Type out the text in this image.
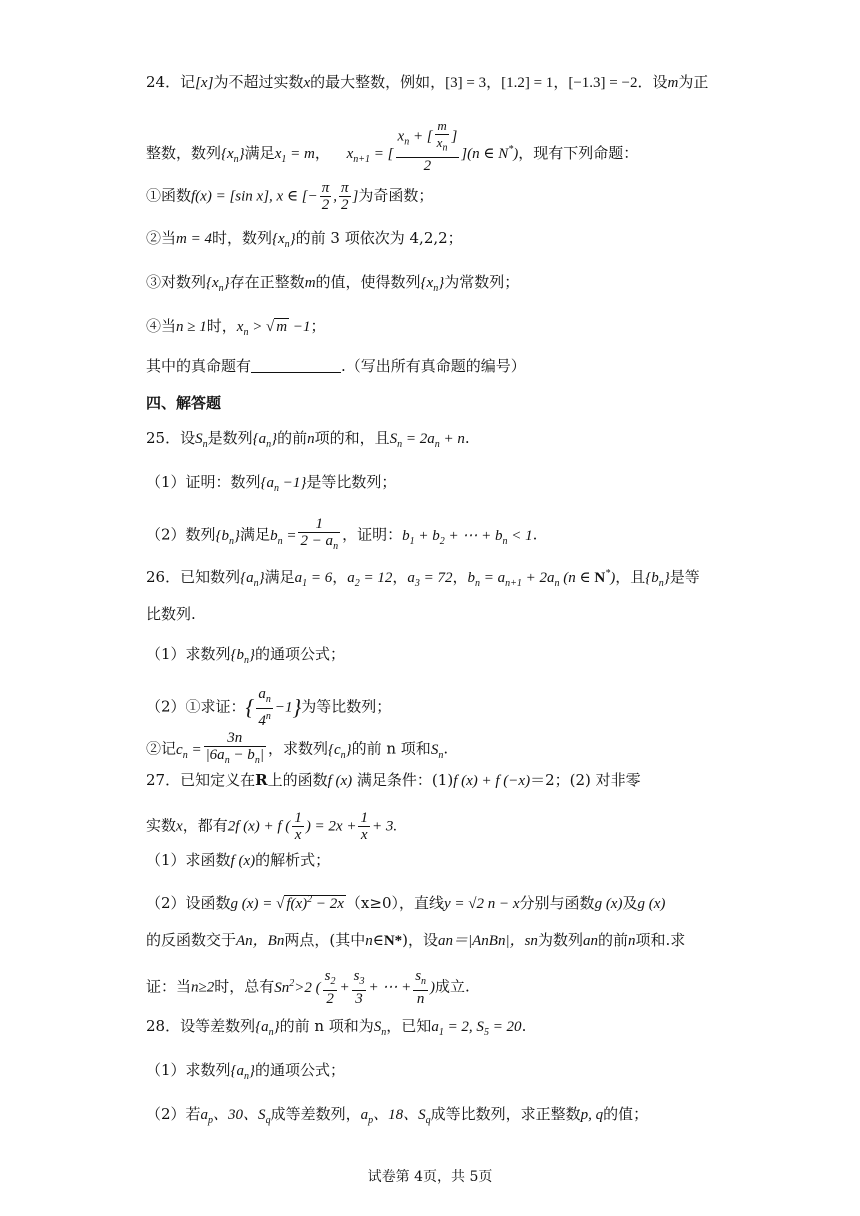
24．记[x]为不超过实数x的最大整数，例如，[3] = 3，[1.2] = 1，[−1.3] = −2．设m为正
整数，数列$\{x_n\}$满足$x_1 = m$， $x_{n+1}$ = [ $\frac{x_n + [ \frac{m}{x_n} ]}{2} ](n$ ∈ N*)，现有下列命题：
①函数f(x) = [sin x], x ∈ [− $\frac{\pi}{2}$ , $\frac{\pi}{2}$ ]为奇函数；
②当m = 4时，数列$\{x_n\}$的前 3 项依次为 4,2,2；
③对数列$\{x_n\}$存在正整数m的值，使得数列$\{x_n\}$为常数列；
④当n ≥ 1时，$x_n$ > √ m −1；
其中的真命题有	.（写出所有真命题的编号）
四、解答题
25．设$S_n$是数列$\{a_n\}$的前n项的和，且$S_n = 2a_n + n$.
（1）证明：数列$\{a_n -1\}$是等比数列；
（2）数列$\{b_n\}$满足$b_n = \frac{1}{2 - a_n}$ ，证明：$b_1 + b_2$ + ⋯ + $b_n < 1$.
26．已知数列$\{a_n\}$满足$a_1 = 6$，$a_2 = 12$，$a_3 = 72$，$b_n = a_{n+1} + 2a_n$ (n ∈ N*)，且$\{b_n\}$是等
比数列.
（1）求数列$\{b_n\}$的通项公式；
（2）①求证：{ $\frac{a_n}{4^n} -1$}为等比数列；
②记$c_n = \frac{3n}{|6a_n - b_n|}$ ，求数列$\{c_n\}$的前 n 项和$S_n$.
27．已知定义在R上的函数f (x) 满足条件：(1)f (x) + f (−x)＝2；(2) 对非零
实数x，都有2f (x) + f ( $\frac{1}{x}$ ) = $2x + \frac{1}{x} + 3$.
（1）求函数f (x)的解析式；
（2）设函数g (x) = √ $f(x)^2 - 2x$ （x≥0），直线y = √2 n − x分别与函数g (x)及g (x)
的反函数交于An，Bn两点，(其中n∈N*)，设an＝|AnBn|，sn为数列an的前n项和.求
证：当n≥2时，总有$Sn^2>2$ ( $\frac{s_2}{2} + \frac{s_3}{3}$ + ⋯ + $\frac{s_n}{n}$ )成立.
28．设等差数列$\{a_n\}$的前 n 项和为$S_n$，已知$a_1 = 2$, $S_5 = 20$.
（1）求数列$\{a_n\}$的通项公式；
（2）若$a_p$、30、$S_q$成等差数列，$a_p$、18、$S_q$成等比数列，求正整数p, q的值；
试卷第 4页，共 5页
